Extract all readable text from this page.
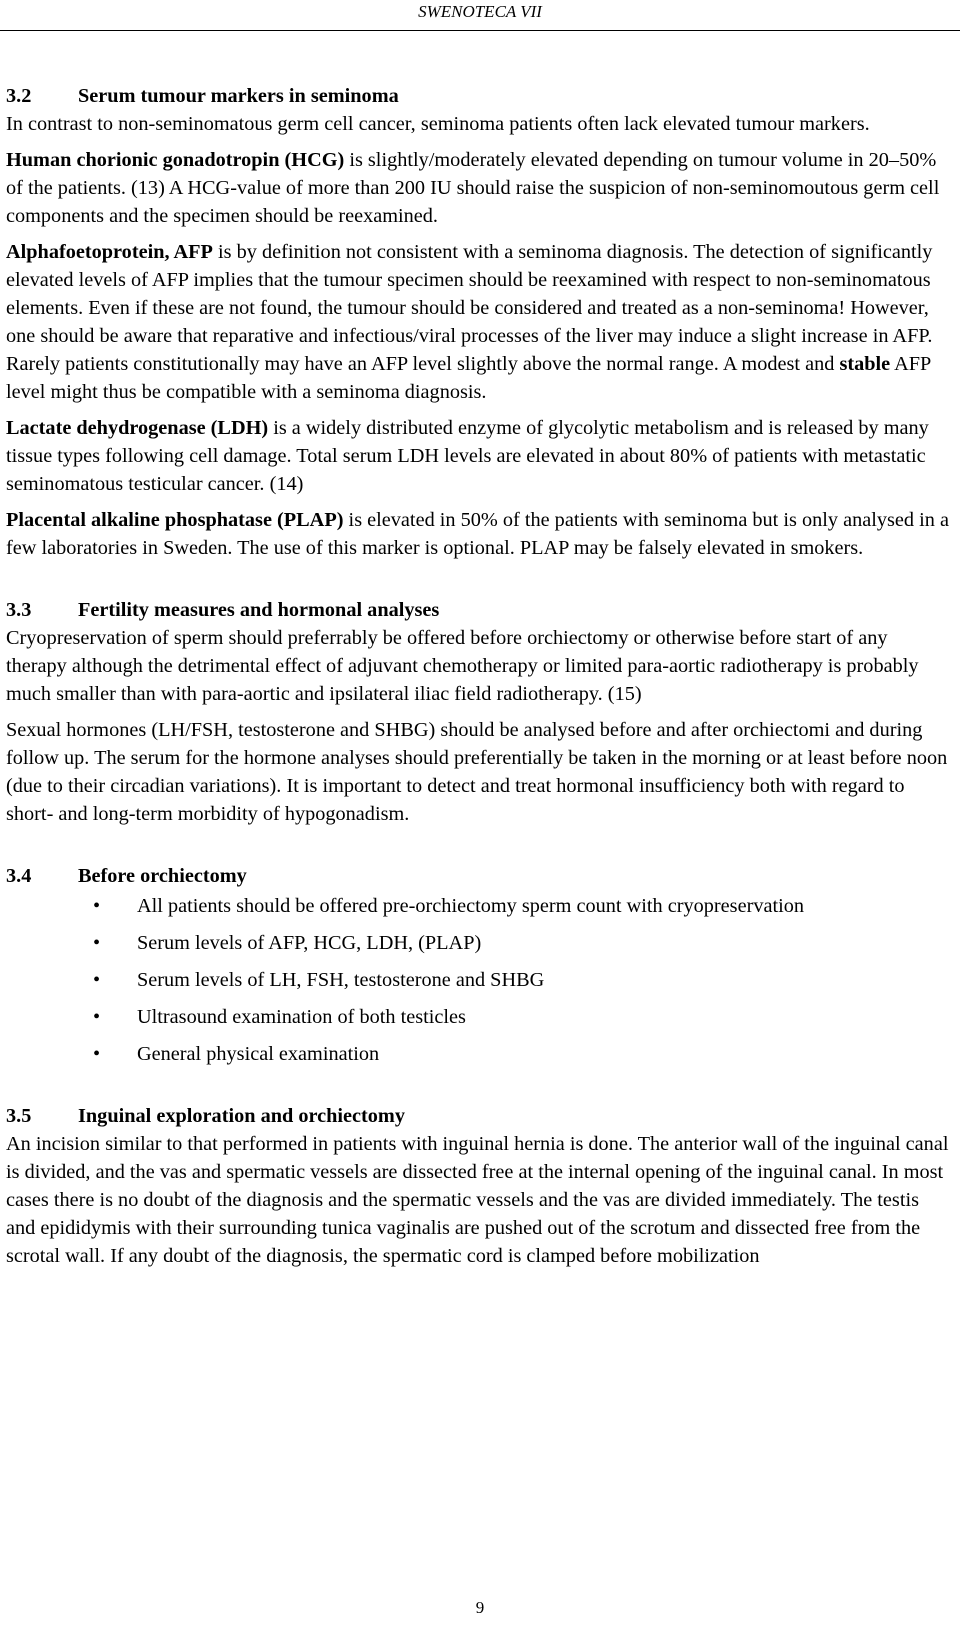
SWENOTECA VII
3.2 Serum tumour markers in seminoma

In contrast to non-seminomatous germ cell cancer, seminoma patients often lack elevated tumour markers.

Human chorionic gonadotropin (HCG) is slightly/moderately elevated depending on tumour volume in 20–50% of the patients. (13) A HCG-value of more than 200 IU should raise the suspicion of non-seminomoutous germ cell components and the specimen should be reexamined.

Alphafoetoprotein, AFP is by definition not consistent with a seminoma diagnosis. The detection of significantly elevated levels of AFP implies that the tumour specimen should be reexamined with respect to non-seminomatous elements. Even if these are not found, the tumour should be considered and treated as a non-seminoma! However, one should be aware that reparative and infectious/viral processes of the liver may induce a slight increase in AFP. Rarely patients constitutionally may have an AFP level slightly above the normal range. A modest and stable AFP level might thus be compatible with a seminoma diagnosis.

Lactate dehydrogenase (LDH) is a widely distributed enzyme of glycolytic metabolism and is released by many tissue types following cell damage. Total serum LDH levels are elevated in about 80% of patients with metastatic seminomatous testicular cancer. (14)

Placental alkaline phosphatase (PLAP) is elevated in 50% of the patients with seminoma but is only analysed in a few laboratories in Sweden. The use of this marker is optional. PLAP may be falsely elevated in smokers.

3.3 Fertility measures and hormonal analyses

Cryopreservation of sperm should preferrably be offered before orchiectomy or otherwise before start of any therapy although the detrimental effect of adjuvant chemotherapy or limited para-aortic radiotherapy is probably much smaller than with para-aortic and ipsilateral iliac field radiotherapy. (15)

Sexual hormones (LH/FSH, testosterone and SHBG) should be analysed before and after orchiectomi and during follow up. The serum for the hormone analyses should preferentially be taken in the morning or at least before noon (due to their circadian variations). It is important to detect and treat hormonal insufficiency both with regard to short- and long-term morbidity of hypogonadism.

3.4 Before orchiectomy
• All patients should be offered pre-orchiectomy sperm count with cryopreservation
• Serum levels of AFP, HCG, LDH, (PLAP)
• Serum levels of LH, FSH, testosterone and SHBG
• Ultrasound examination of both testicles
• General physical examination
3.5 Inguinal exploration and orchiectomy

An incision similar to that performed in patients with inguinal hernia is done. The anterior wall of the inguinal canal is divided, and the vas and spermatic vessels are dissected free at the internal opening of the inguinal canal. In most cases there is no doubt of the diagnosis and the spermatic vessels and the vas are divided immediately. The testis and epididymis with their surrounding tunica vaginalis are pushed out of the scrotum and dissected free from the scrotal wall. If any doubt of the diagnosis, the spermatic cord is clamped before mobilization

9
